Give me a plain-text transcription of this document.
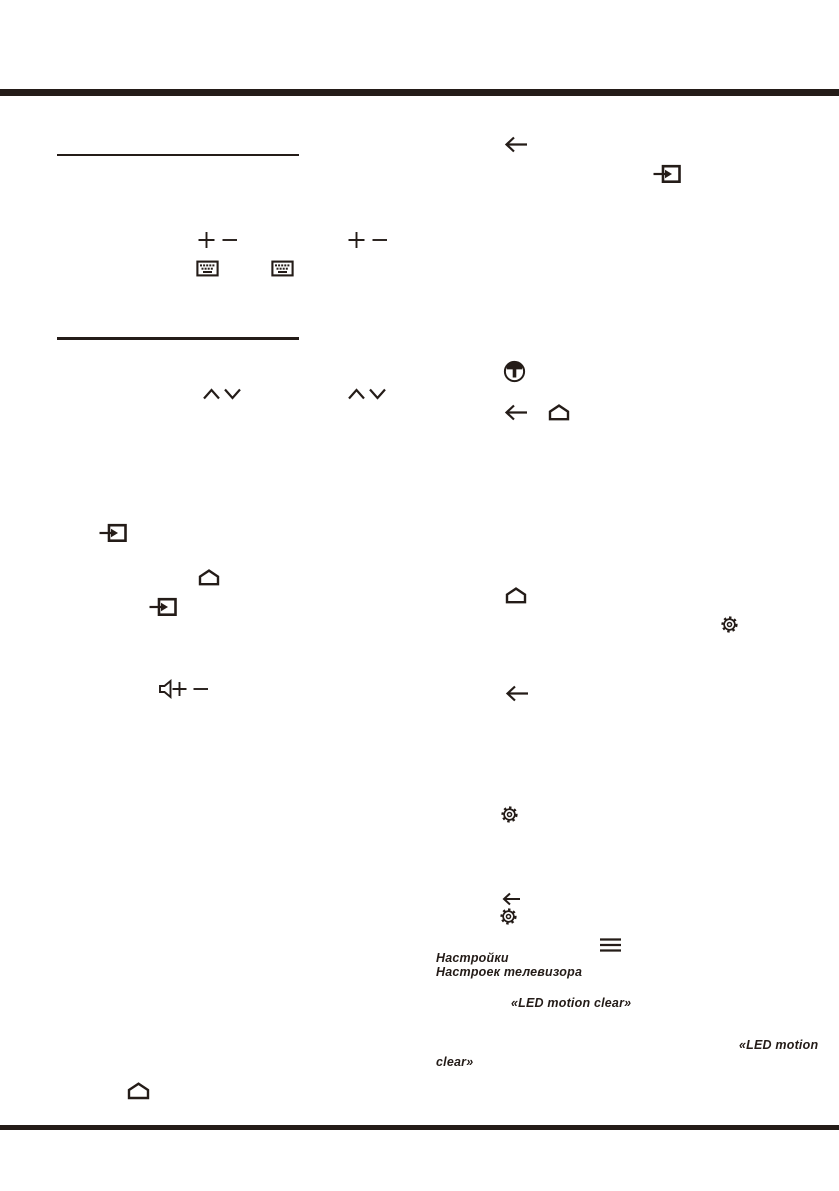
Настройки
Настроек телевизора
«LED motion clear»
«LED motion
clear»
